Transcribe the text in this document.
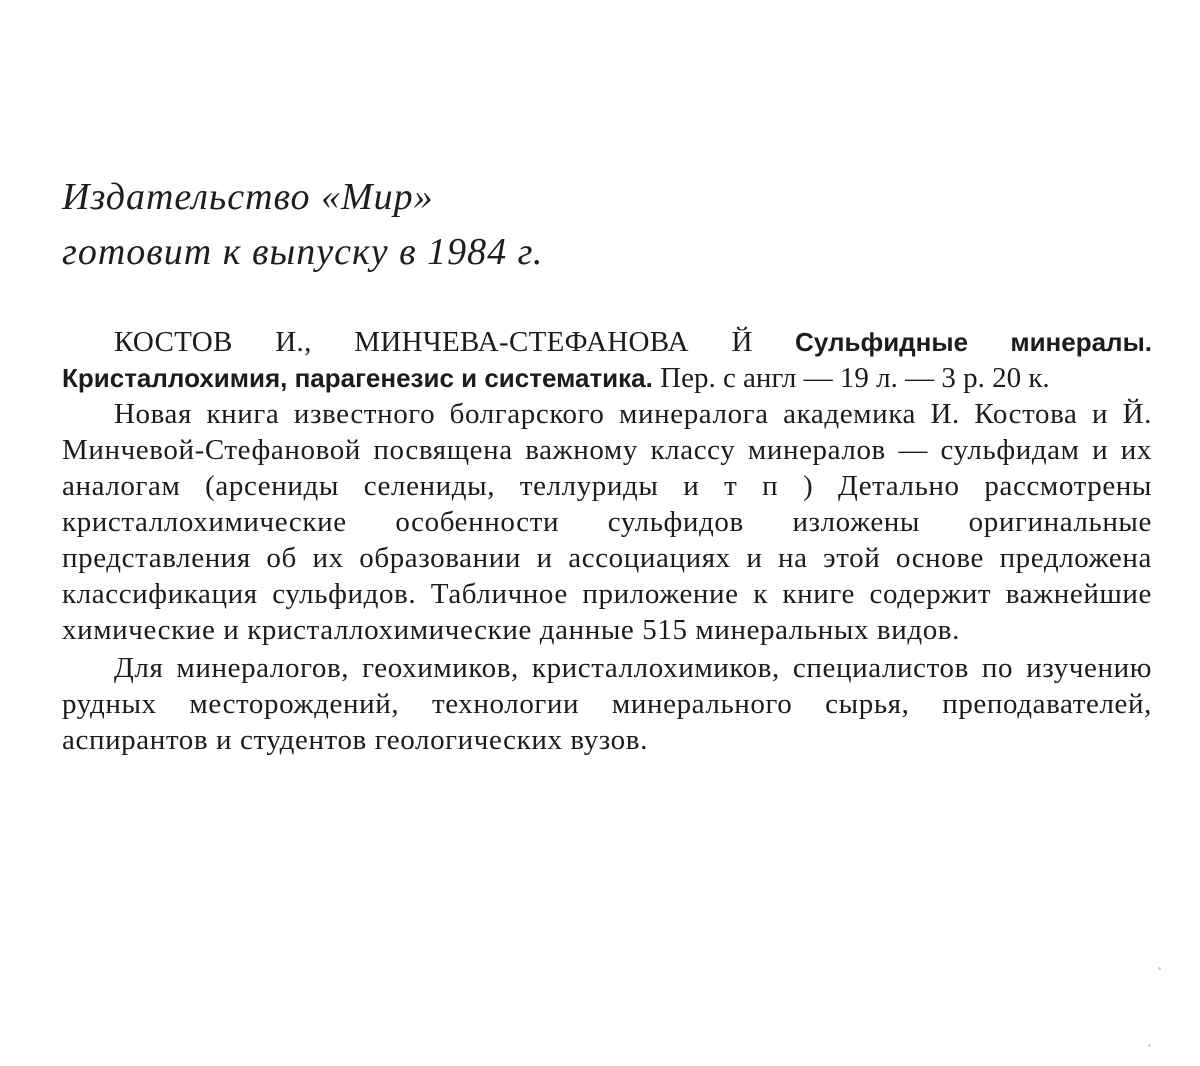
Издательство «Мир»
готовит к выпуску в 1984 г.

КОСТОВ И., МИНЧЕВА-СТЕФАНОВА Й Сульфидные минералы. Кристаллохимия, парагенезис и систематика. Пер. с англ — 19 л. — 3 р. 20 к.

Новая книга известного болгарского минералога академика И. Костова и Й. Минчевой-Стефановой посвящена важному классу минералов — сульфидам и их аналогам (арсениды селениды, теллуриды и т п ) Детально рассмотрены кристаллохимические особенности сульфидов изложены оригинальные представления об их образовании и ассоциациях и на этой основе предложена классификация сульфидов. Табличное приложение к книге содержит важнейшие химические и кристаллохимические данные 515 минеральных видов.

Для минералогов, геохимиков, кристаллохимиков, специалистов по изучению рудных месторождений, технологии минерального сырья, преподавателей, аспирантов и студентов геологических вузов.
